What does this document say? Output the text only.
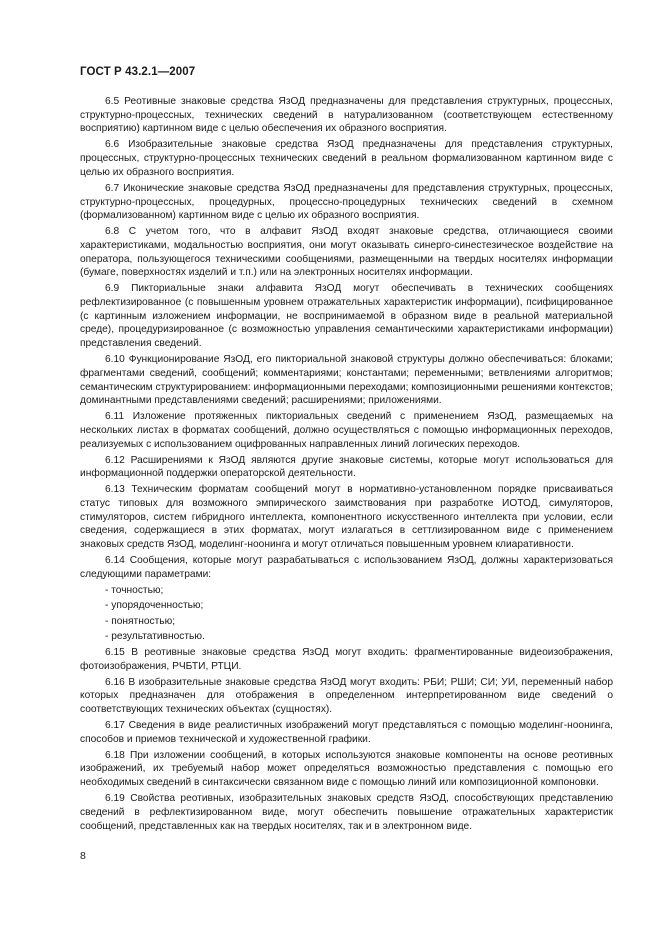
ГОСТ Р 43.2.1—2007

6.5 Реотивные знаковые средства ЯзОД предназначены для представления структурных, процессных, структурно-процессных, технических сведений в натурализованном (соответствующем естественному восприятию) картинном виде с целью обеспечения их образного восприятия.

6.6 Изобразительные знаковые средства ЯзОД предназначены для представления структурных, процессных, структурно-процессных технических сведений в реальном формализованном картинном виде с целью их образного восприятия.

6.7 Иконические знаковые средства ЯзОД предназначены для представления структурных, процессных, структурно-процессных, процедурных, процессно-процедурных технических сведений в схемном (формализованном) картинном виде с целью их образного восприятия.

6.8 С учетом того, что в алфавит ЯзОД входят знаковые средства, отличающиеся своими характеристиками, модальностью восприятия, они могут оказывать синерго-синестезическое воздействие на оператора, пользующегося техническими сообщениями, размещенными на твердых носителях информации (бумаге, поверхностях изделий и т.п.) или на электронных носителях информации.

6.9 Пикториальные знаки алфавита ЯзОД могут обеспечивать в технических сообщениях рефлектизированное (с повышенным уровнем отражательных характеристик информации), псифицированное (с картинным изложением информации, не воспринимаемой в образном виде в реальной материальной среде), процедуризированное (с возможностью управления семантическими характеристиками информации) представления сведений.

6.10 Функционирование ЯзОД, его пикториальной знаковой структуры должно обеспечиваться: блоками; фрагментами сведений, сообщений; комментариями; константами; переменными; ветвлениями алгоритмов; семантическим структурированием: информационными переходами; композиционными решениями контекстов; доминантными представлениями сведений; расширениями; приложениями.

6.11 Изложение протяженных пикториальных сведений с применением ЯзОД, размещаемых на нескольких листах в форматах сообщений, должно осуществляться с помощью информационных переходов, реализуемых с использованием оцифрованных направленных линий логических переходов.

6.12 Расширениями к ЯзОД являются другие знаковые системы, которые могут использоваться для информационной поддержки операторской деятельности.

6.13 Техническим форматам сообщений могут в нормативно-установленном порядке присваиваться статус типовых для возможного эмпирического заимствования при разработке ИОТОД, симуляторов, стимуляторов, систем гибридного интеллекта, компонентного искусственного интеллекта при условии, если сведения, содержащиеся в этих форматах, могут излагаться в сеттлизированном виде с применением знаковых средств ЯзОД, моделинг-ноонинга и могут отличаться повышенным уровнем клиаративности.

6.14 Сообщения, которые могут разрабатываться с использованием ЯзОД, должны характеризоваться следующими параметрами:

- точностью;

- упорядоченностью;

- понятностью;

- результативностью.

6.15 В реотивные знаковые средства ЯзОД могут входить: фрагментированные видеоизображения, фотоизображения, РЧБТИ, РТЦИ.

6.16 В изобразительные знаковые средства ЯзОД могут входить: РБИ; РШИ; СИ; УИ, переменный набор которых предназначен для отображения в определенном интерпретированном виде сведений о соответствующих технических объектах (сущностях).

6.17 Сведения в виде реалистичных изображений могут представляться с помощью моделинг-ноонинга, способов и приемов технической и художественной графики.

6.18 При изложении сообщений, в которых используются знаковые компоненты на основе реотивных изображений, их требуемый набор может определяться возможностью представления с помощью его необходимых сведений в синтаксически связанном виде с помощью линий или композиционной компоновки.

6.19 Свойства реотивных, изобразительных знаковых средств ЯзОД, способствующих представлению сведений в рефлектизированном виде, могут обеспечить повышение отражательных характеристик сообщений, представленных как на твердых носителях, так и в электронном виде.

8
